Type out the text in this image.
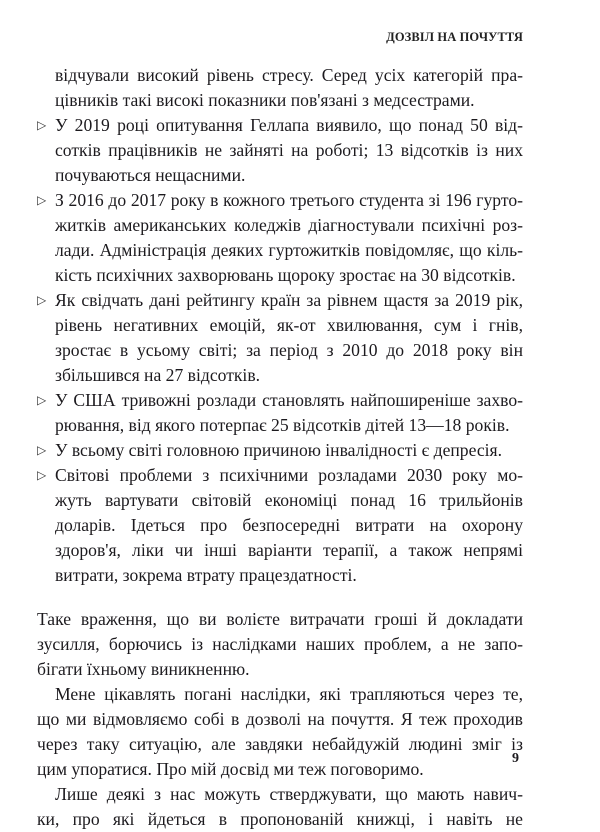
ДОЗВІЛ НА ПОЧУТТЯ
відчували високий рівень стресу. Серед усіх категорій пра-
цівників такі високі показники пов'язані з медсестрами.
▷ У 2019 році опитування Геллапа виявило, що понад 50 від-
сотків працівників не зайняті на роботі; 13 відсотків із них
почуваються нещасними.
▷ З 2016 до 2017 року в кожного третього студента зі 196 гурто-
житків американських коледжів діагностували психічні роз-
лади. Адміністрація деяких гуртожитків повідомляє, що кіль-
кість психічних захворювань щороку зростає на 30 відсотків.
▷ Як свідчать дані рейтингу країн за рівнем щастя за 2019 рік,
рівень негативних емоцій, як-от хвилювання, сум і гнів,
зростає в усьому світі; за період з 2010 до 2018 року він
збільшився на 27 відсотків.
▷ У США тривожні розлади становлять найпоширеніше захво-
рювання, від якого потерпає 25 відсотків дітей 13—18 років.
▷ У всьому світі головною причиною інвалідності є депресія.
▷ Світові проблеми з психічними розладами 2030 року мо-
жуть вартувати світовій економіці понад 16 трильйонів
доларів. Ідеться про безпосередні витрати на охорону
здоров'я, ліки чи інші варіанти терапії, а також непрямі
витрати, зокрема втрату працездатності.
Таке враження, що ви волієте витрачати гроші й докладати
зусилля, борючись із наслідками наших проблем, а не запо-
бігати їхньому виникненню.
Мене цікавлять погані наслідки, які трапляються через те,
що ми відмовляємо собі в дозволі на почуття. Я теж проходив
через таку ситуацію, але завдяки небайдужій людині зміг із
цим упоратися. Про мій досвід ми теж поговоримо.
Лише деякі з нас можуть стверджувати, що мають навич-
ки, про які йдеться в пропонованій книжці, і навіть не
9
